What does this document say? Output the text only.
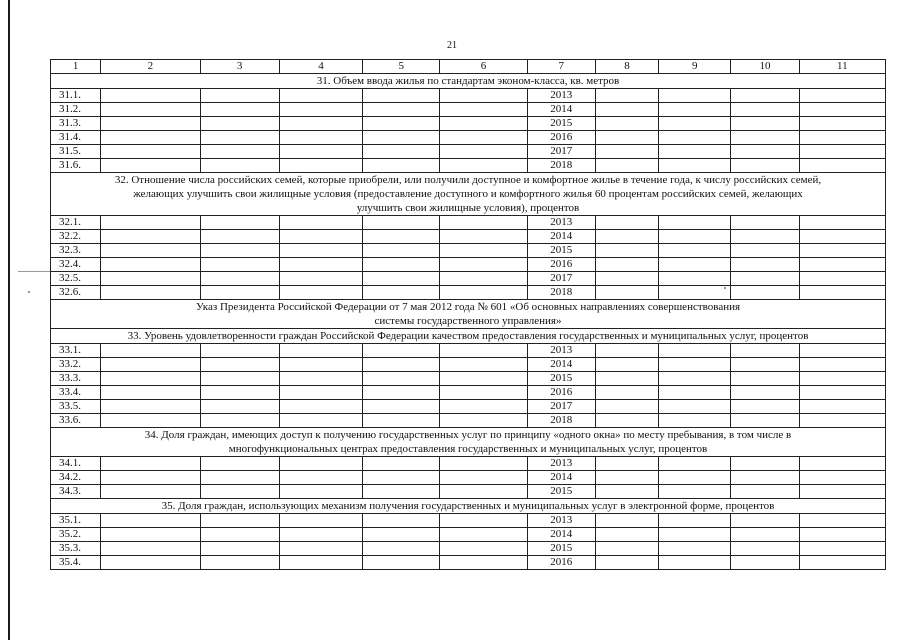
21
1	2	3	4	5	6	7	8	9	10	11

31. Объем ввода жилья по стандартам эконом-класса, кв. метров										

31.1.						2013				
31.2.						2014				
31.3.						2015				
31.4.						2016				
31.5.						2017				
31.6.						2018				

32. Отношение числа российских семей, которые приобрели, или получили доступное и комфортное жилье в течение года, к числу российских семей,
желающих улучшить свои жилищные условия (предоставление доступного и комфортного жилья 60 процентам российских семей, желающих
улучшить свои жилищные условия), процентов										

32.1.						2013				
32.2.						2014				
32.3.						2015				
32.4.						2016				
32.5.						2017				
32.6.						2018				

Указ Президента Российской Федерации от 7 мая 2012 года № 601 «Об основных направлениях совершенствования
системы государственного управления»										

33. Уровень удовлетворенности граждан Российской Федерации качеством предоставления государственных и муниципальных услуг, процентов										

33.1.						2013				
33.2.						2014				
33.3.						2015				
33.4.						2016				
33.5.						2017				
33.6.						2018				

34. Доля граждан, имеющих доступ к получению государственных услуг по принципу «одного окна» по месту пребывания, в том числе в
многофункциональных центрах предоставления государственных и муниципальных услуг, процентов										

34.1.						2013				
34.2.						2014				
34.3.						2015				

35. Доля граждан, использующих механизм получения государственных и муниципальных услуг в электронной форме, процентов										

35.1.						2013				
35.2.						2014				
35.3.						2015				
35.4.						2016				
